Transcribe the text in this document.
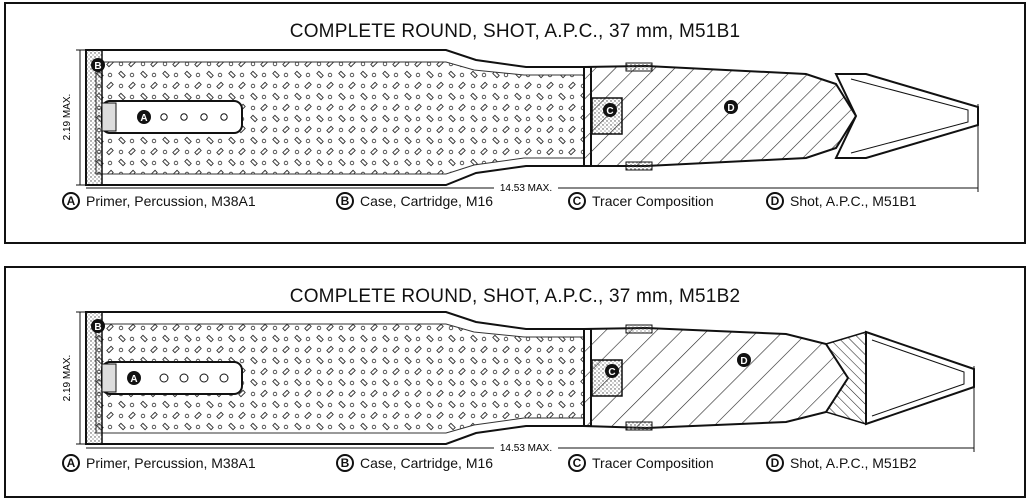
COMPLETE ROUND, SHOT, A.P.C., 37 mm, M51B1
B
A
C	D
2.19 MAX.
14.53 MAX.
A Primer, Percussion, M38A1	B Case, Cartridge, M16	C Tracer Composition	D Shot, A.P.C., M51B1
COMPLETE ROUND, SHOT, A.P.C., 37 mm, M51B2
B
A
C
D
2.19 MAX.
14.53 MAX.
A Primer, Percussion, M38A1	B Case, Cartridge, M16	C Tracer Composition	D Shot, A.P.C., M51B2
